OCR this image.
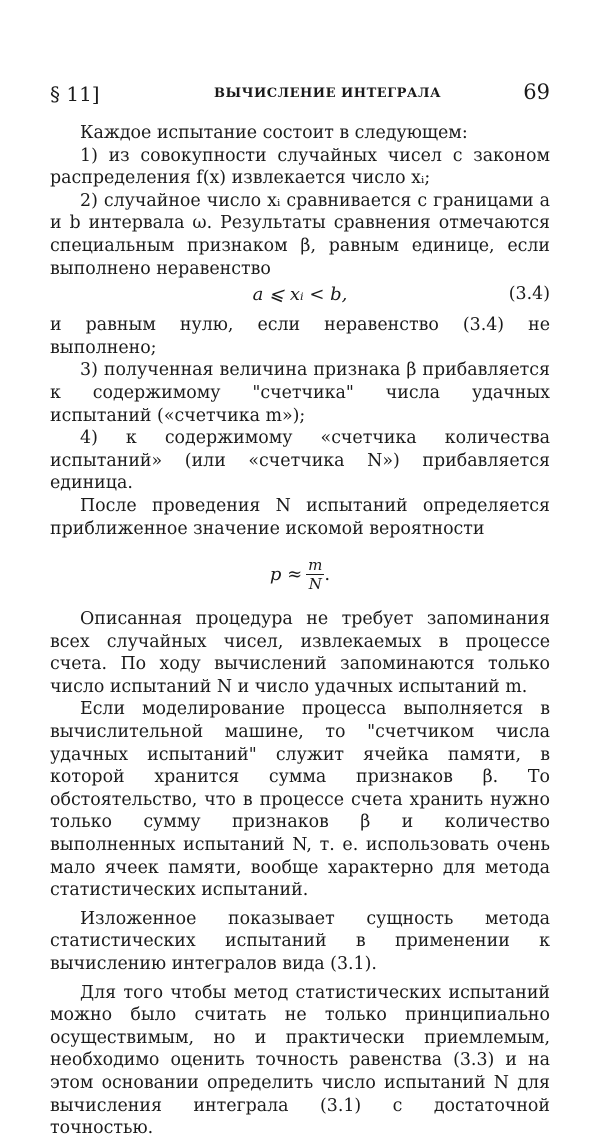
§ 11]	ВЫЧИСЛЕНИЕ ИНТЕГРАЛА	69

Каждое испытание состоит в следующем:

1) из совокупности случайных чисел с законом распределения f(x) извлекается число xᵢ;

2) случайное число xᵢ сравнивается с границами a и b интервала ω. Результаты сравнения отмечаются специальным признаком β, равным единице, если выполнено неравенство

a ⩽ xᵢ < b,	(3.4)

и равным нулю, если неравенство (3.4) не выполнено;

3) полученная величина признака β прибавляется к содержимому "счетчика" числа удачных испытаний («счетчика m»);

4) к содержимому «счетчика количества испытаний» (или «счетчика N») прибавляется единица.

После проведения N испытаний определяется приближенное значение искомой вероятности

$p \approx \frac{m}{N}$ .

Описанная процедура не требует запоминания всех случайных чисел, извлекаемых в процессе счета. По ходу вычислений запоминаются только число испытаний N и число удачных испытаний m.

Если моделирование процесса выполняется в вычислительной машине, то "счетчиком числа удачных испытаний" служит ячейка памяти, в которой хранится сумма признаков β. То обстоятельство, что в процессе счета хранить нужно только сумму признаков β и количество выполненных испытаний N, т. е. использовать очень мало ячеек памяти, вообще характерно для метода статистических испытаний.

Изложенное показывает сущность метода статистических испытаний в применении к вычислению интегралов вида (3.1).

Для того чтобы метод статистических испытаний можно было считать не только принципиально осуществимым, но и практически приемлемым, необходимо оценить точность равенства (3.3) и на этом основании определить число испытаний N для вычисления интеграла (3.1) с достаточной точностью.
